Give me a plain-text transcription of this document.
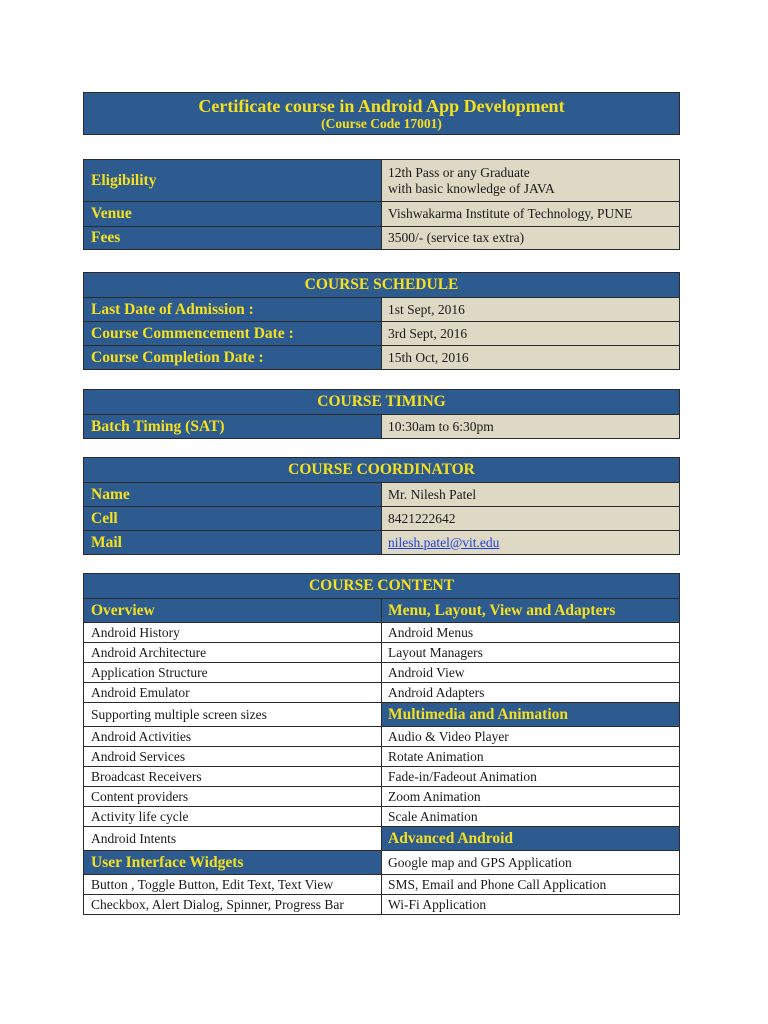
Certificate course in Android App Development
(Course Code 17001)
Eligibility	12th Pass or any Graduate
with basic knowledge of JAVA
Venue	Vishwakarma Institute of Technology, PUNE
Fees	3500/- (service tax extra)
COURSE SCHEDULE
Last Date of Admission :	1st Sept, 2016
Course Commencement Date :	3rd Sept, 2016
Course Completion Date :	15th Oct, 2016
COURSE TIMING
Batch Timing (SAT)	10:30am to 6:30pm
COURSE COORDINATOR
Name	Mr. Nilesh Patel
Cell	8421222642
Mail	nilesh.patel@vit.edu
COURSE CONTENT
Overview	Menu, Layout, View and Adapters
Android History	Android Menus
Android Architecture	Layout Managers
Application Structure	Android View
Android Emulator	Android Adapters
Supporting multiple screen sizes	Multimedia and Animation
Android Activities	Audio & Video Player
Android Services	Rotate Animation
Broadcast Receivers	Fade-in/Fadeout Animation
Content providers	Zoom Animation
Activity life cycle	Scale Animation
Android Intents	Advanced Android
User Interface Widgets	Google map and GPS Application
Button , Toggle Button, Edit Text, Text View	SMS, Email and Phone Call Application
Checkbox, Alert Dialog, Spinner, Progress Bar	Wi-Fi Application
